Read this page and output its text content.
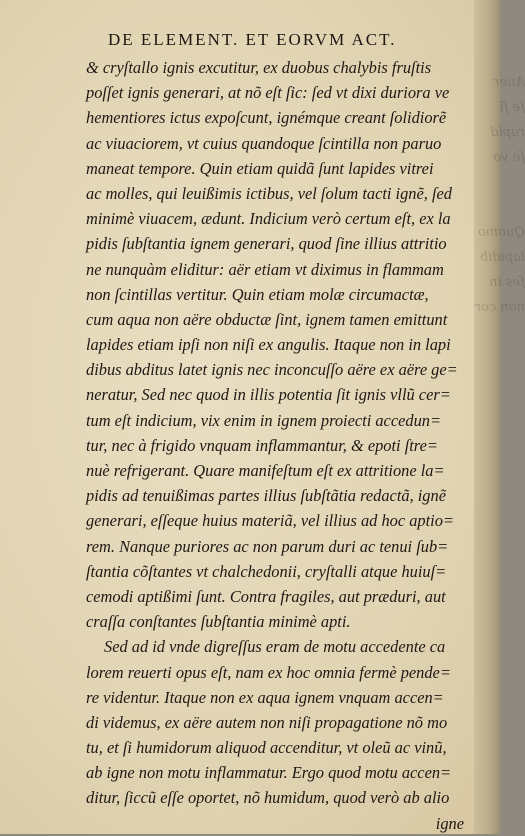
Auer
ſe ſi
rapid
ſe vo
Quomo
lapidib
ſes in
non cor
DE ELEMENT. ET EORVM ACT.
& cryſtallo ignis excutitur, ex duobus chalybis fruſtis
poſſet ignis generari, at nõ eſt ſic: ſed vt dixi duriora ve
hementiores ictus expoſcunt, ignémque creant ſolidiorẽ
ac viuaciorem, vt cuius quandoque ſcintilla non paruo
maneat tempore. Quin etiam quidã ſunt lapides vitrei
ac molles, qui leuißimis ictibus, vel ſolum tacti ignẽ, ſed
minimè viuacem, ædunt. Indicium verò certum eſt, ex la
pidis ſubſtantia ignem generari, quod ſine illius attritio
ne nunquàm eliditur: aër etiam vt diximus in flammam
non ſcintillas vertitur. Quin etiam molæ circumactæ,
cum aqua non aëre obductæ ſint, ignem tamen emittunt
lapides etiam ipſi non niſi ex angulis. Itaque non in lapi
dibus abditus latet ignis nec inconcuſſo aëre ex aëre ge=
neratur, Sed nec quod in illis potentia ſit ignis vllũ cer=
tum eſt indicium, vix enim in ignem proiecti accedun=
tur, nec à frigido vnquam inflammantur, & epoti ſtre=
nuè refrigerant. Quare manifeſtum eſt ex attritione la=
pidis ad tenuißimas partes illius ſubſtãtia redactã, ignẽ
generari, eſſeque huius materiã, vel illius ad hoc aptio=
rem. Nanque puriores ac non parum duri ac tenui ſub=
ſtantia cõſtantes vt chalchedonii, cryſtalli atque huiuſ=
cemodi aptißimi ſunt. Contra fragiles, aut præduri, aut
craſſa conſtantes ſubſtantia minimè apti.
Sed ad id vnde digreſſus eram de motu accedente ca
lorem reuerti opus eſt, nam ex hoc omnia fermè pende=
re videntur. Itaque non ex aqua ignem vnquam accen=
di videmus, ex aëre autem non niſi propagatione nõ mo
tu, et ſi humidorum aliquod accenditur, vt oleũ ac vinũ,
ab igne non motu inflammatur. Ergo quod motu accen=
ditur, ſiccũ eſſe oportet, nõ humidum, quod verò ab alio
igne
